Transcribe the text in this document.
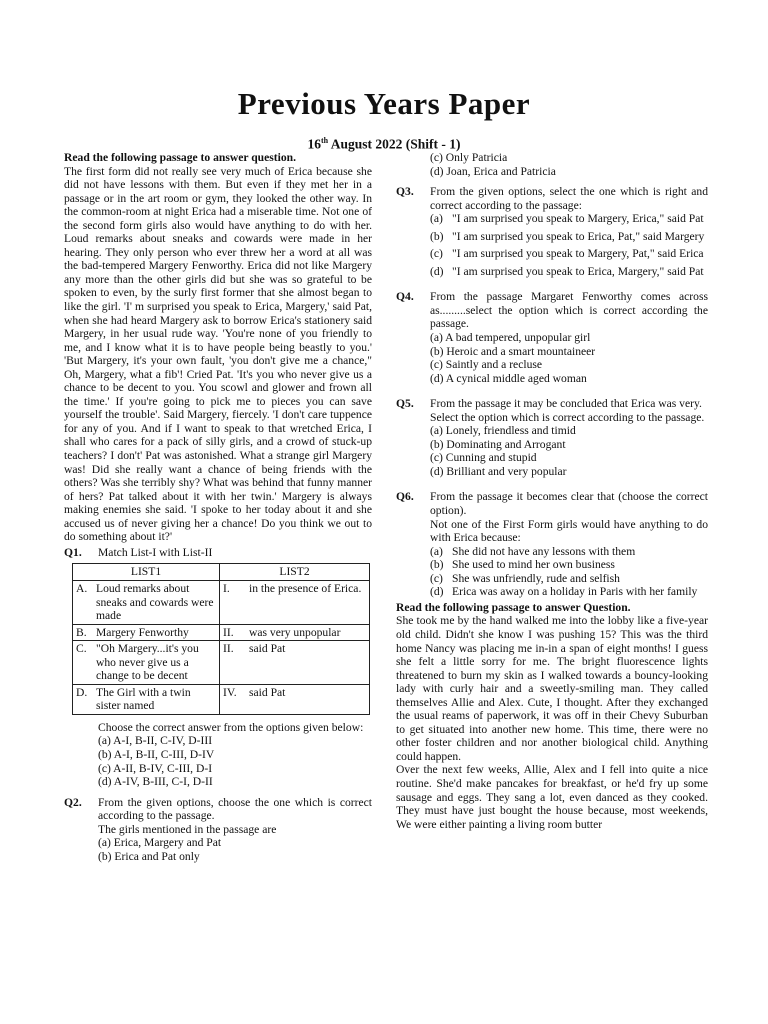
Previous Years Paper
16th August 2022 (Shift - 1)

Read the following passage to answer question.

The first form did not really see very much of Erica because she did not have lessons with them. But even if they met her in a passage or in the art room or gym, they looked the other way. In the common-room at night Erica had a miserable time. Not one of the second form girls also would have anything to do with her. Loud remarks about sneaks and cowards were made in her hearing. They only person who ever threw her a word at all was the bad-tempered Margery Fenworthy. Erica did not like Margery any more than the other girls did but she was so grateful to be spoken to even, by the surly first former that she almost began to like the girl. 'I' m surprised you speak to Erica, Margery,' said Pat, when she had heard Margery ask to borrow Erica's stationery said Margery, in her usual rude way. 'You're none of you friendly to me, and I know what it is to have people being beastly to you.' 'But Margery, it's your own fault, 'you don't give me a chance," Oh, Margery, what a fib'! Cried Pat. 'It's you who never give us a chance to be decent to you. You scowl and glower and frown all the time.' If you're going to pick me to pieces you can save yourself the trouble'. Said Margery, fiercely. 'I don't care tuppence for any of you. And if I want to speak to that wretched Erica, I shall who cares for a pack of silly girls, and a crowd of stuck-up teachers? I don't' Pat was astonished. What a strange girl Margery was! Did she really want a chance of being friends with the others? Was she terribly shy? What was behind that funny manner of hers? Pat talked about it with her twin.' Margery is always making enemies she said. 'I spoke to her today about it and she accused us of never giving her a chance! Do you think we out to do something about it?'

Q1.	Match List-I with List-II
LIST1		LIST2	
A.	Loud remarks about sneaks and cowards were made	I.	in the presence of Erica.
B.	Margery Fenworthy	II.	was very unpopular
C.	"Oh Margery...it's you who never give us a change to be decent	II.	said Pat
D.	The Girl with a twin sister named	IV.	said Pat

Choose the correct answer from the options given below:

(a) A-I, B-II, C-IV, D-III

(b) A-I, B-II, C-III, D-IV

(c) A-II, B-IV, C-III, D-I

(d) A-IV, B-III, C-I, D-II

Q2.	From the given options, choose the one which is correct according to the passage.
The girls mentioned in the passage are
(a) Erica, Margery and Pat
(b) Erica and Pat only

(c) Only Patricia

(d) Joan, Erica and Patricia

Q3.	From the given options, select the one which is right and correct according to the passage:
(a) "I am surprised you speak to Margery, Erica," said Pat
(b) "I am surprised you speak to Erica, Pat," said Margery
(c) "I am surprised you speak to Margery, Pat," said Erica
(d) "I am surprised you speak to Erica, Margery," said Pat
Q4.	From the passage Margaret Fenworthy comes across as.........select the option which is correct according the passage.
(a) A bad tempered, unpopular girl
(b) Heroic and a smart mountaineer
(c) Saintly and a recluse
(d) A cynical middle aged woman
Q5.	From the passage it may be concluded that Erica was very.
Select the option which is correct according to the passage.
(a) Lonely, friendless and timid
(b) Dominating and Arrogant
(c) Cunning and stupid
(d) Brilliant and very popular
Q6.	From the passage it becomes clear that (choose the correct option).
Not one of the First Form girls would have anything to do with Erica because:
(a) She did not have any lessons with them
(b) She used to mind her own business
(c) She was unfriendly, rude and selfish
(d) Erica was away on a holiday in Paris with her family

Read the following passage to answer Question.

She took me by the hand walked me into the lobby like a five-year old child. Didn't she know I was pushing 15? This was the third home Nancy was placing me in-in a span of eight months! I guess she felt a little sorry for me. The bright fluorescence lights threatened to burn my skin as I walked towards a bouncy-looking lady with curly hair and a sweetly-smiling man. They called themselves Allie and Alex. Cute, I thought. After they exchanged the usual reams of paperwork, it was off in their Chevy Suburban to get situated into another new home. This time, there were no other foster children and nor another biological child. Anything could happen.

Over the next few weeks, Allie, Alex and I fell into quite a nice routine. She'd make pancakes for breakfast, or he'd fry up some sausage and eggs. They sang a lot, even danced as they cooked. They must have just bought the house because, most weekends, We were either painting a living room butter
